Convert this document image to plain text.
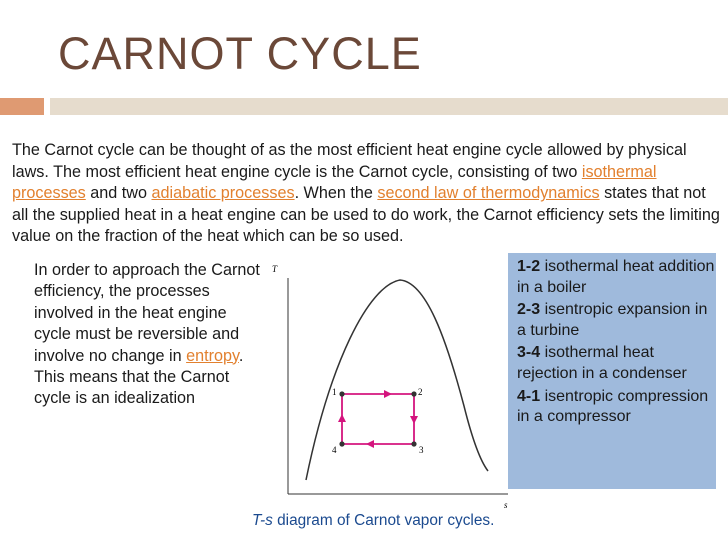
CARNOT CYCLE
The Carnot cycle can be thought of as the most efficient heat engine cycle allowed by physical laws. The most efficient heat engine cycle is the Carnot cycle, consisting of two isothermal processes and two adiabatic processes. When the second law of thermodynamics states that not all the supplied heat in a heat engine can be used to do work, the Carnot efficiency sets the limiting value on the fraction of the heat which can be so used.
In order to approach the Carnot efficiency, the processes involved in the heat engine cycle must be reversible and involve no change in entropy. This means that the Carnot cycle is an idealization
T
s
1	2
3
4
1-2 isothermal heat addition in a boiler
2-3 isentropic expansion in a turbine
3-4 isothermal heat rejection in a condenser
4-1 isentropic compression in a compressor
T-s diagram of Carnot vapor cycles.
